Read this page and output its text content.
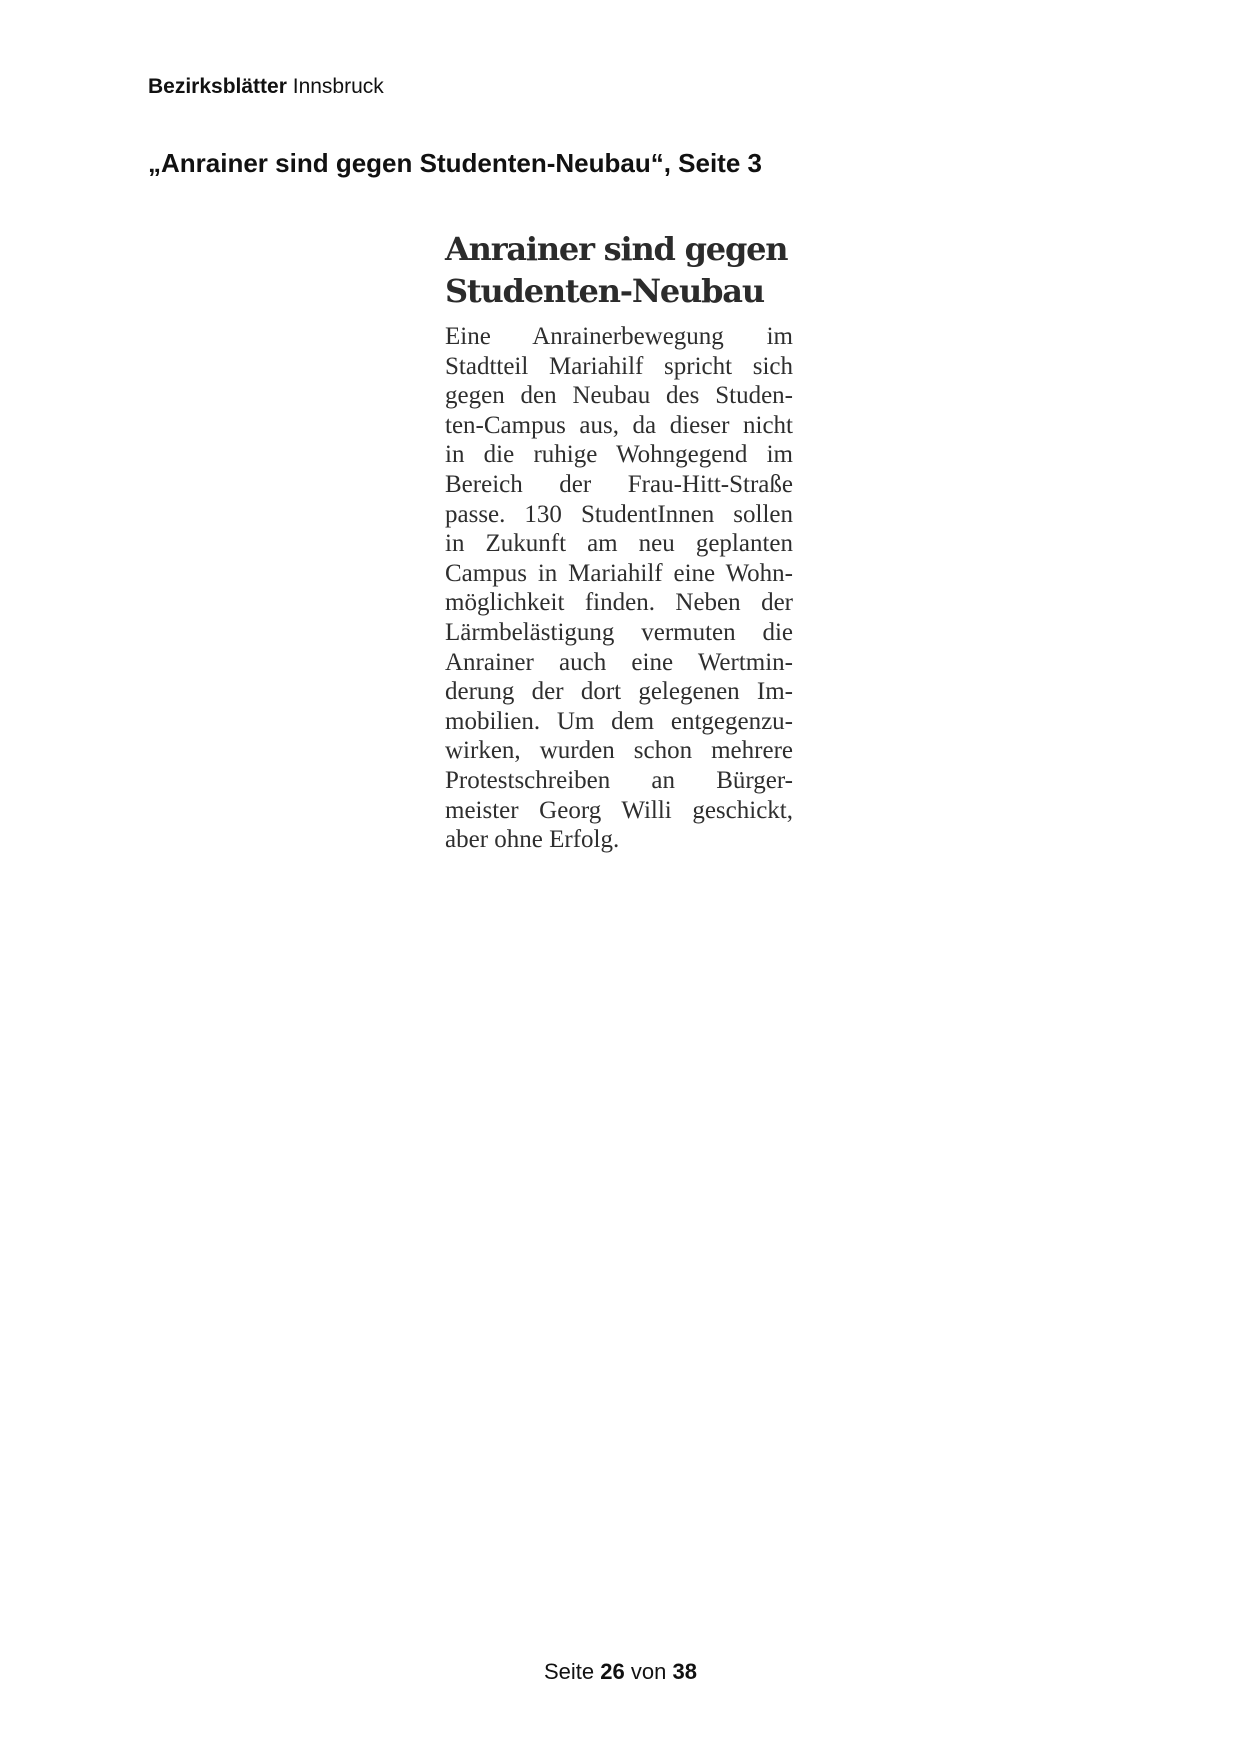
Bezirksblätter Innsbruck
„Anrainer sind gegen Studenten-Neubau“, Seite 3
Anrainer sind gegen
Studenten-Neubau

Eine Anrainerbewegung im
Stadtteil Mariahilf spricht sich
gegen den Neubau des Studen-
ten-Campus aus, da dieser nicht
in die ruhige Wohngegend im
Bereich der Frau-Hitt-Straße
passe. 130 StudentInnen sollen
in Zukunft am neu geplanten
Campus in Mariahilf eine Wohn-
möglichkeit finden. Neben der
Lärmbelästigung vermuten die
Anrainer auch eine Wertmin-
derung der dort gelegenen Im-
mobilien. Um dem entgegenzu-
wirken, wurden schon mehrere
Protestschreiben an Bürger-
meister Georg Willi geschickt,
aber ohne Erfolg.

Seite 26 von 38
